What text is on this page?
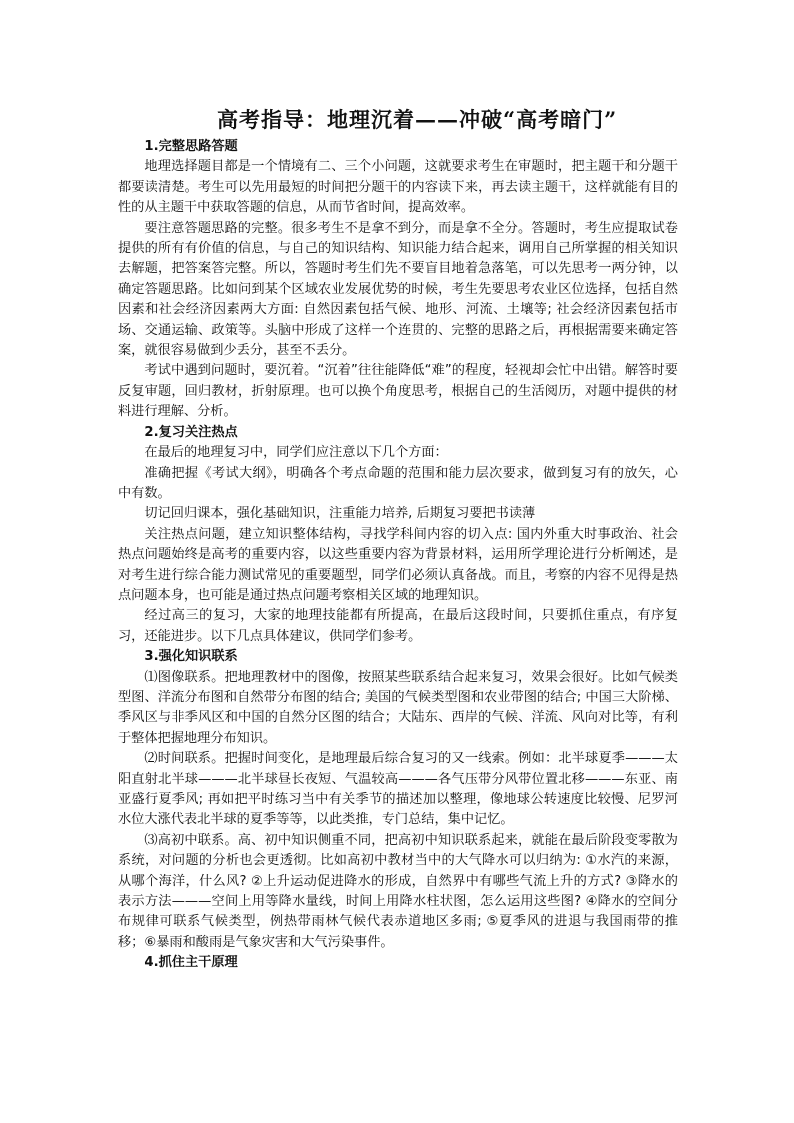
高考指导：地理沉着——冲破“高考暗门”
1.完整思路答题

地理选择题目都是一个情境有二、三个小问题，这就要求考生在审题时，把主题干和分题干都要读清楚。考生可以先用最短的时间把分题干的内容读下来，再去读主题干，这样就能有目的性的从主题干中获取答题的信息，从而节省时间，提高效率。

要注意答题思路的完整。很多考生不是拿不到分，而是拿不全分。答题时，考生应提取试卷提供的所有有价值的信息，与自己的知识结构、知识能力结合起来，调用自己所掌握的相关知识去解题，把答案答完整。所以，答题时考生们先不要盲目地着急落笔，可以先思考一两分钟，以确定答题思路。比如问到某个区域农业发展优势的时候，考生先要思考农业区位选择，包括自然因素和社会经济因素两大方面: 自然因素包括气候、地形、河流、土壤等; 社会经济因素包括市场、交通运输、政策等。头脑中形成了这样一个连贯的、完整的思路之后，再根据需要来确定答案，就很容易做到少丢分，甚至不丢分。

考试中遇到问题时，要沉着。“沉着”往往能降低“难”的程度，轻视却会忙中出错。解答时要反复审题，回归教材，折射原理。也可以换个角度思考，根据自己的生活阅历，对题中提供的材料进行理解、分析。

2.复习关注热点

在最后的地理复习中，同学们应注意以下几个方面：

准确把握《考试大纲》，明确各个考点命题的范围和能力层次要求，做到复习有的放矢，心中有数。

切记回归课本，强化基础知识，注重能力培养, 后期复习要把书读薄

关注热点问题，建立知识整体结构，寻找学科间内容的切入点: 国内外重大时事政治、社会热点问题始终是高考的重要内容，以这些重要内容为背景材料，运用所学理论进行分析阐述，是对考生进行综合能力测试常见的重要题型，同学们必须认真备战。而且，考察的内容不见得是热点问题本身，也可能是通过热点问题考察相关区域的地理知识。

经过高三的复习，大家的地理技能都有所提高，在最后这段时间，只要抓住重点，有序复习，还能进步。以下几点具体建议，供同学们参考。

3.强化知识联系

⑴图像联系。把地理教材中的图像，按照某些联系结合起来复习，效果会很好。比如气候类型图、洋流分布图和自然带分布图的结合; 美国的气候类型图和农业带图的结合; 中国三大阶梯、季风区与非季风区和中国的自然分区图的结合；大陆东、西岸的气候、洋流、风向对比等，有利于整体把握地理分布知识。

⑵时间联系。把握时间变化，是地理最后综合复习的又一线索。例如：北半球夏季———太阳直射北半球———北半球昼长夜短、气温较高———各气压带分风带位置北移———东亚、南亚盛行夏季风; 再如把平时练习当中有关季节的描述加以整理，像地球公转速度比较慢、尼罗河水位大涨代表北半球的夏季等等，以此类推，专门总结，集中记忆。

⑶高初中联系。高、初中知识侧重不同，把高初中知识联系起来，就能在最后阶段变零散为系统，对问题的分析也会更透彻。比如高初中教材当中的大气降水可以归纳为: ①水汽的来源，从哪个海洋，什么风? ②上升运动促进降水的形成，自然界中有哪些气流上升的方式? ③降水的表示方法———空间上用等降水量线，时间上用降水柱状图，怎么运用这些图? ④降水的空间分布规律可联系气候类型，例热带雨林气候代表赤道地区多雨; ⑤夏季风的进退与我国雨带的推移；⑥暴雨和酸雨是气象灾害和大气污染事件。

4.抓住主干原理
